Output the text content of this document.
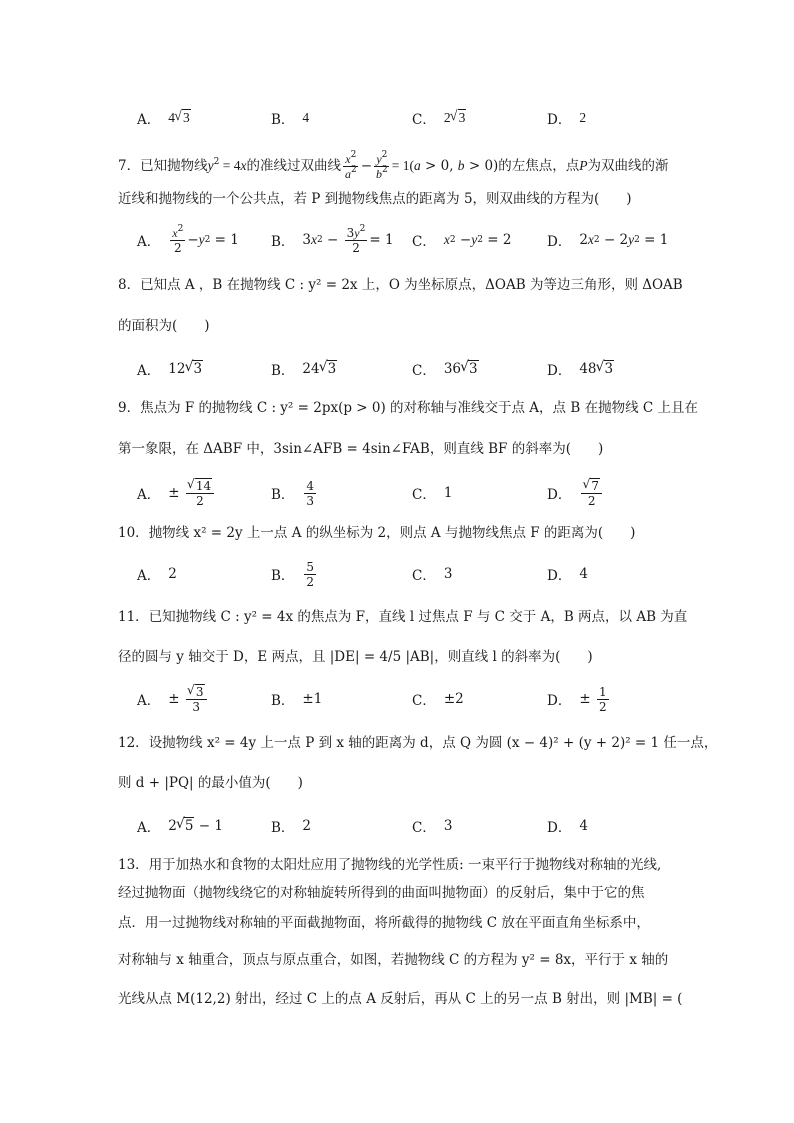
A． 4 √ 3	B． 4	C． 2 √ 3	D． 2
7．已知抛物线$y^2 = 4x$的准线过双曲线 $\frac{x^2}{a^2} - \frac{y^2}{b^2} = 1(a > 0$, b > 0)的左焦点，点P为双曲线的渐
近线和抛物线的一个公共点，若 P 到抛物线焦点的距离为 5，则双曲线的方程为(　　)
A． $\frac{x^2}{2} - y$ 2 = 1 B． 3 x $2 - \frac{3y^2}{2} = 1$ C． x 2 − y 2 = 2	D． 2 x 2 − 2 y 2 = 1
8．已知点 A ，B 在抛物线 C : y² = 2x 上，O 为坐标原点，ΔOAB 为等边三角形，则 ΔOAB
的面积为(　　)
A． 12 √ 3	B． 24 √ 3	C． 36 √ 3	D． 48 √ 3
9．焦点为 F 的抛物线 C : y² = 2px(p > 0) 的对称轴与准线交于点 A，点 B 在抛物线 C 上且在
第一象限，在 ΔABF 中，3sin∠AFB = 4sin∠FAB，则直线 BF 的斜率为(　　)
A． ± √ $\frac{14}{2}$	B． $\frac{4}{3}$	C． 1	D． √ $\frac{7}{2}$
10．抛物线 x² = 2y 上一点 A 的纵坐标为 2，则点 A 与抛物线焦点 F 的距离为(　　)
A． 2	B． $\frac{5}{2}$	C． 3	D． 4
11．已知抛物线 C : y² = 4x 的焦点为 F，直线 l 过焦点 F 与 C 交于 A，B 两点，以 AB 为直
径的圆与 y 轴交于 D，E 两点，且 |DE| = 4/5 |AB|，则直线 l 的斜率为(　　)
A． ± √ $\frac{3}{3}$	B． ±1	C． ±2	D． ± $\frac{1}{2}$
12．设抛物线 x² = 4y 上一点 P 到 x 轴的距离为 d，点 Q 为圆 (x − 4)² + (y + 2)² = 1 任一点，
则 d + |PQ| 的最小值为(　　)
A． 2 √ 5 − 1	B． 2	C． 3	D． 4
13．用于加热水和食物的太阳灶应用了抛物线的光学性质: 一束平行于抛物线对称轴的光线,
经过抛物面（抛物线绕它的对称轴旋转所得到的曲面叫抛物面）的反射后，集中于它的焦
点．用一过抛物线对称轴的平面截抛物面，将所截得的抛物线 C 放在平面直角坐标系中，
对称轴与 x 轴重合，顶点与原点重合，如图，若抛物线 C 的方程为 y² = 8x，平行于 x 轴的
光线从点 M(12,2) 射出，经过 C 上的点 A 反射后，再从 C 上的另一点 B 射出，则 |MB| = (
